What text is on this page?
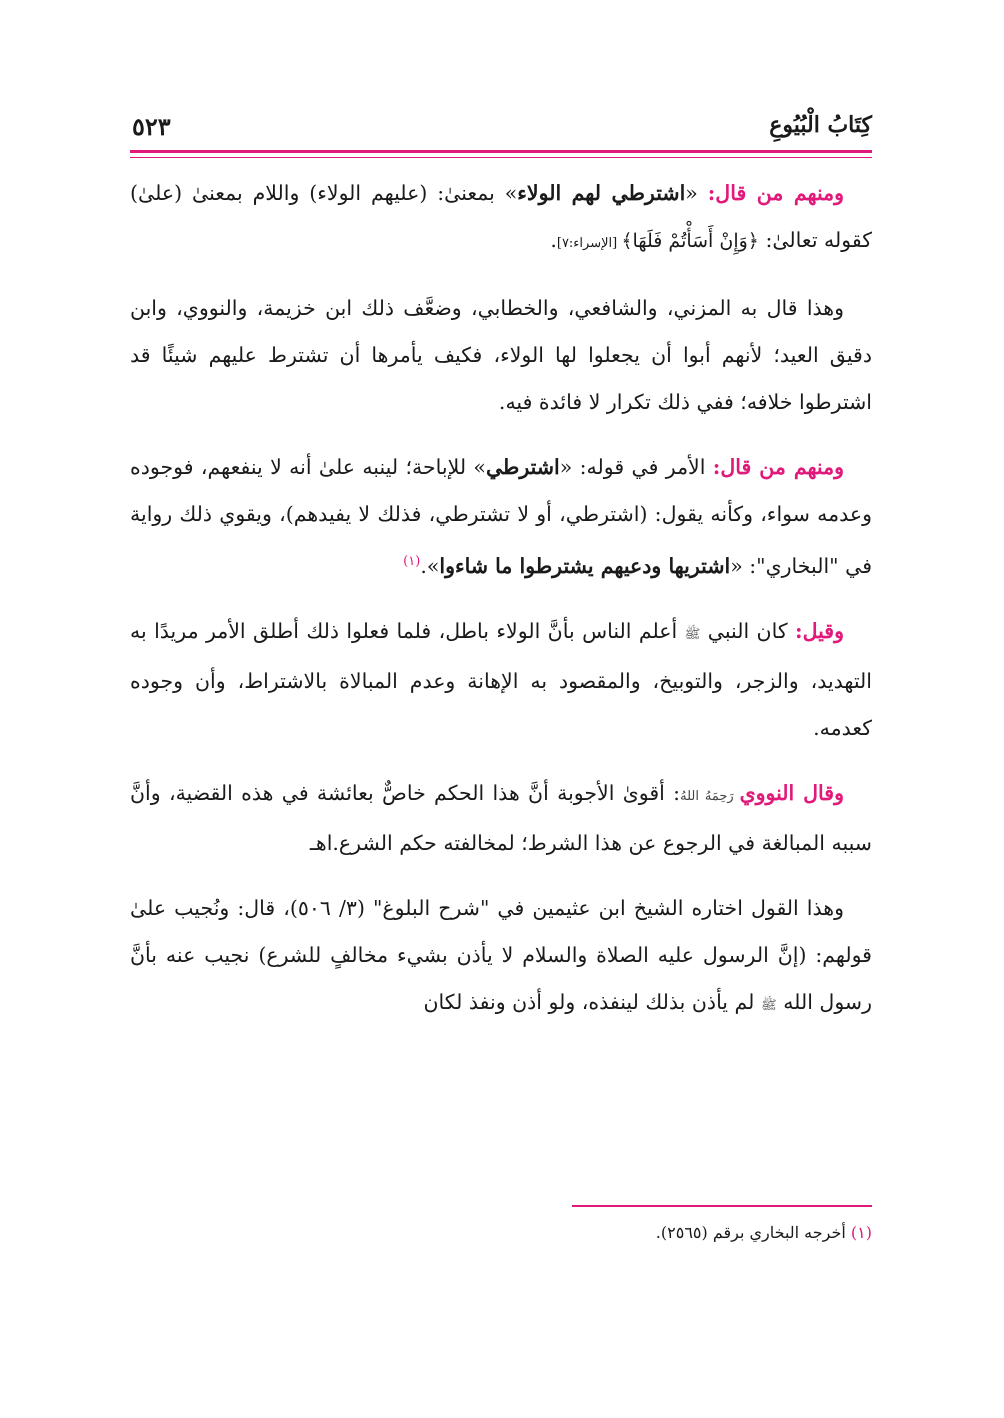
كِتَابُ الْبُيُوعِ
٥٢٣

ومنهم من قال: «اشترطي لهم الولاء» بمعنىٰ: (عليهم الولاء) واللام بمعنىٰ (علىٰ) كقوله تعالىٰ: ﴿وَإِنْ أَسَأْتُمْ فَلَهَا﴾ [الإسراء:٧].

وهذا قال به المزني، والشافعي، والخطابي، وضعَّف ذلك ابن خزيمة، والنووي، وابن دقيق العيد؛ لأنهم أبوا أن يجعلوا لها الولاء، فكيف يأمرها أن تشترط عليهم شيئًا قد اشترطوا خلافه؛ ففي ذلك تكرار لا فائدة فيه.

ومنهم من قال: الأمر في قوله: «اشترطي» للإباحة؛ لينبه علىٰ أنه لا ينفعهم، فوجوده وعدمه سواء، وكأنه يقول: (اشترطي، أو لا تشترطي، فذلك لا يفيدهم)، ويقوي ذلك رواية في "البخاري": «اشتريها ودعيهم يشترطوا ما شاءوا».$^{(١)}$

وقيل: كان النبي ﷺ أعلم الناس بأنَّ الولاء باطل، فلما فعلوا ذلك أطلق الأمر مريدًا به التهديد، والزجر، والتوبيخ، والمقصود به الإهانة وعدم المبالاة بالاشتراط، وأن وجوده كعدمه.

وقال النووي رَحِمَهُ اللهُ: أقوىٰ الأجوبة أنَّ هذا الحكم خاصٌّ بعائشة في هذه القضية، وأنَّ سببه المبالغة في الرجوع عن هذا الشرط؛ لمخالفته حكم الشرع.اهـ

وهذا القول اختاره الشيخ ابن عثيمين في "شرح البلوغ" (٣/ ٥٠٦)، قال: ونُجيب علىٰ قولهم: (إنَّ الرسول عليه الصلاة والسلام لا يأذن بشيء مخالفٍ للشرع) نجيب عنه بأنَّ رسول الله ﷺ لم يأذن بذلك لينفذه، ولو أذن ونفذ لكان

(١) أخرجه البخاري برقم (٢٥٦٥).
